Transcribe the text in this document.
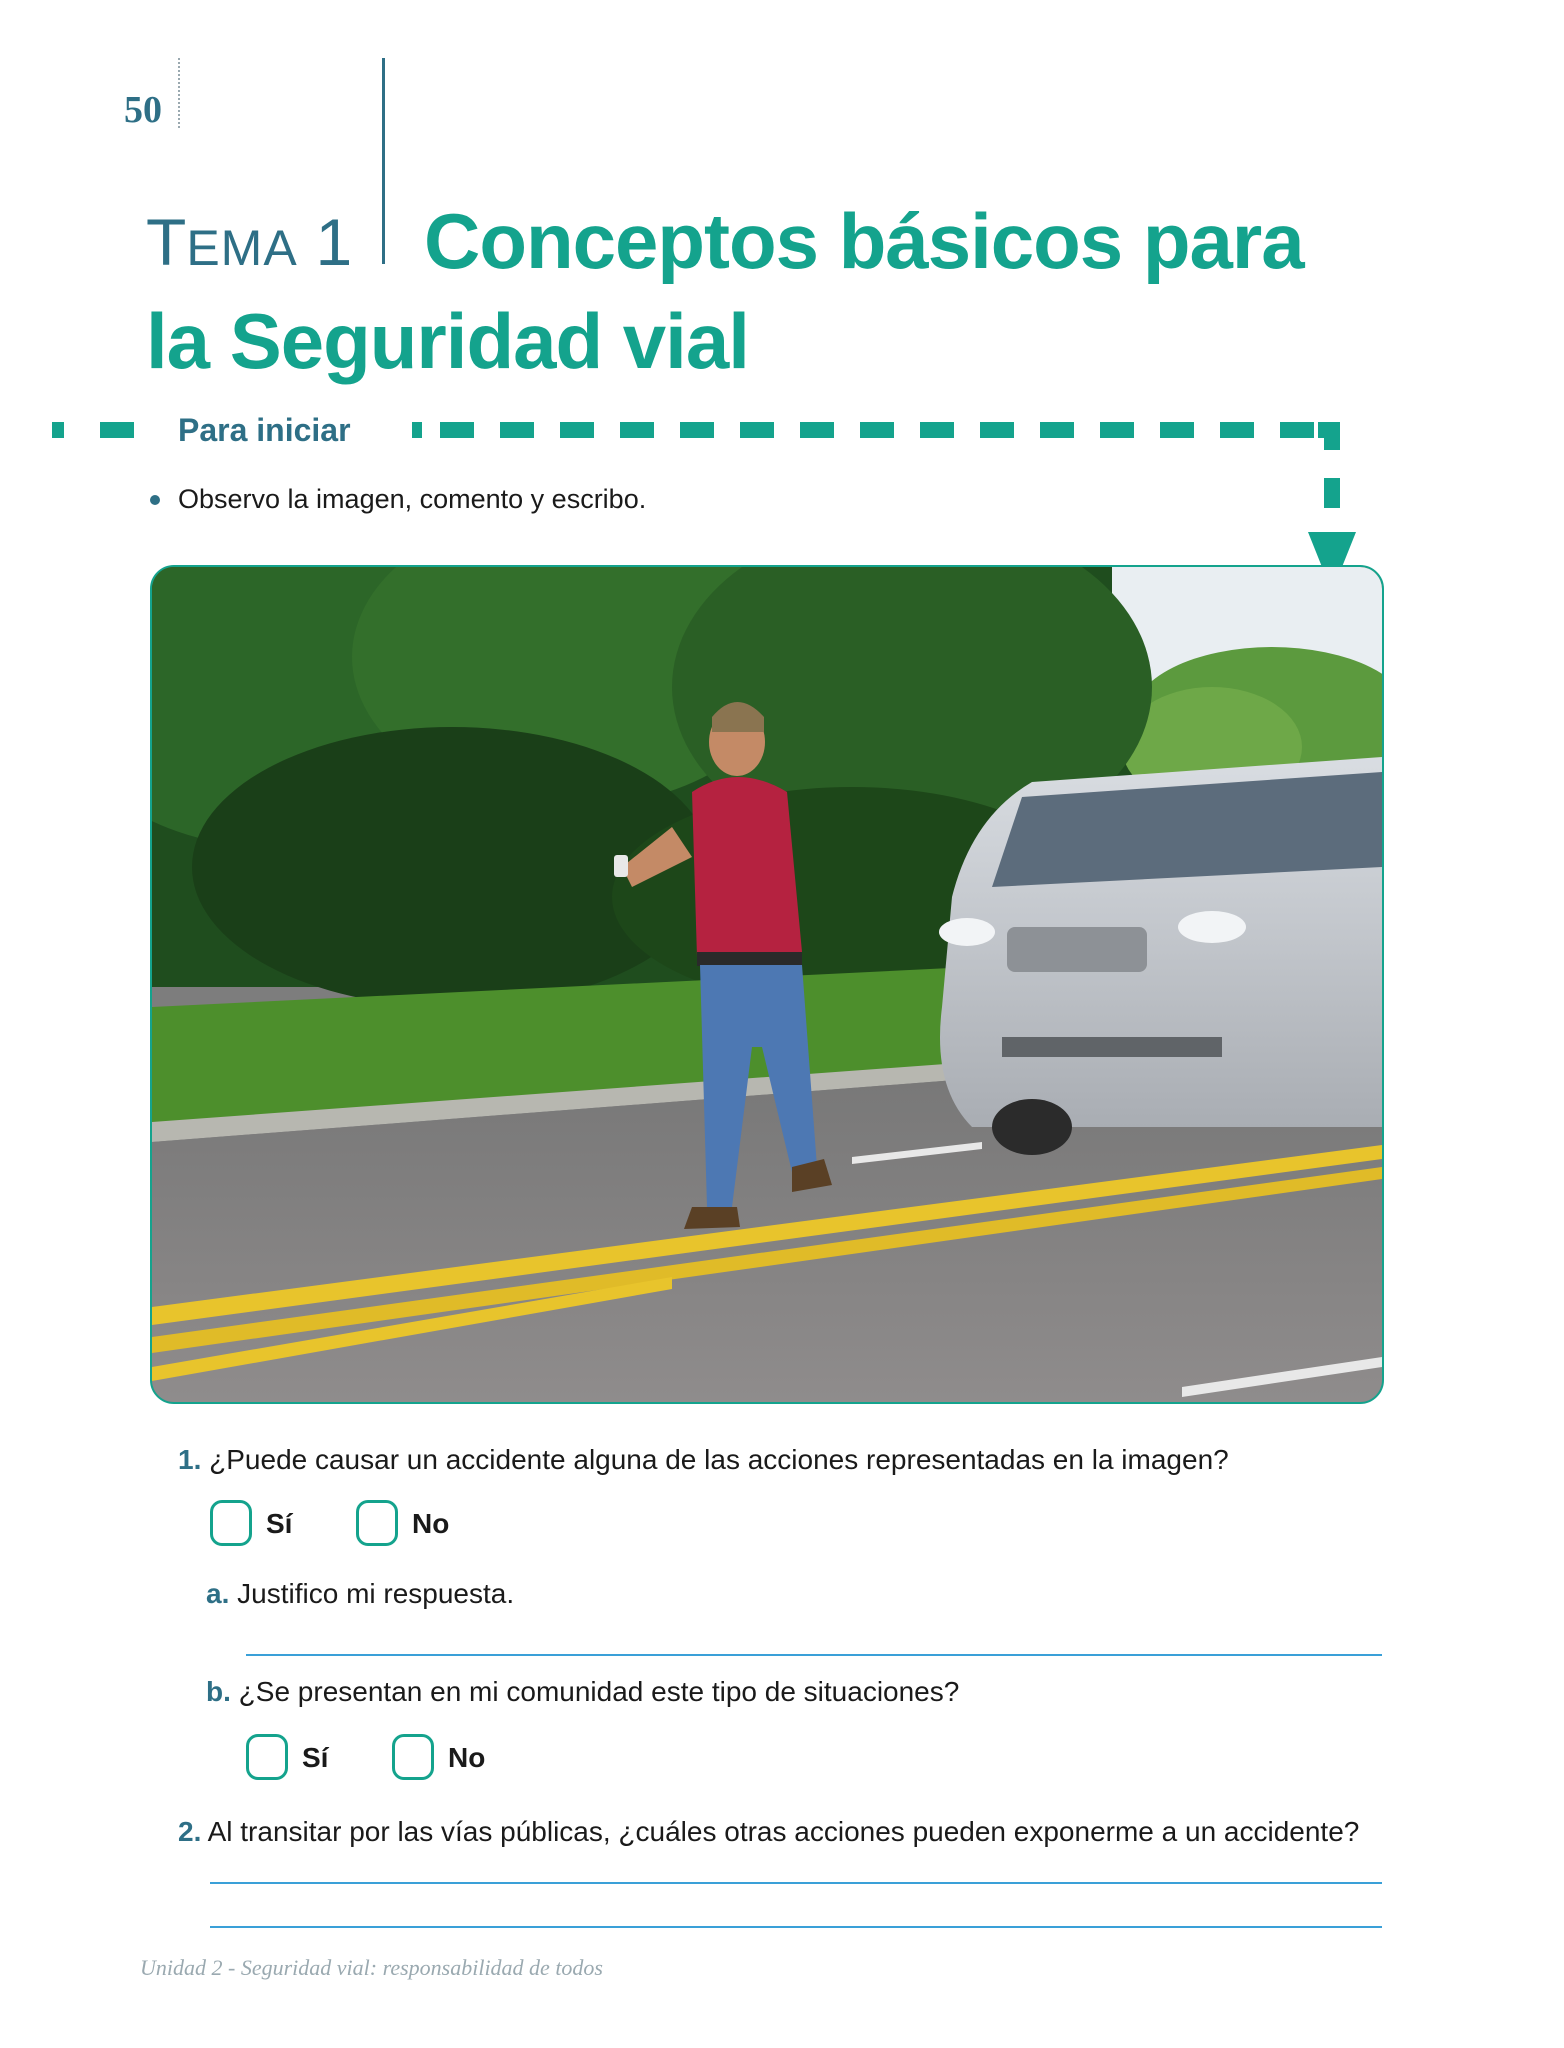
50
TEMA 1 Conceptos básicos para
la Seguridad vial
Para iniciar
Observo la imagen, comento y escribo.
1. ¿Puede causar un accidente alguna de las acciones representadas en la imagen?
Sí	No
a. Justifico mi respuesta.
b. ¿Se presentan en mi comunidad este tipo de situaciones?
Sí	No
2. Al transitar por las vías públicas, ¿cuáles otras acciones pueden exponerme a un accidente?
Unidad 2 - Seguridad vial: responsabilidad de todos
